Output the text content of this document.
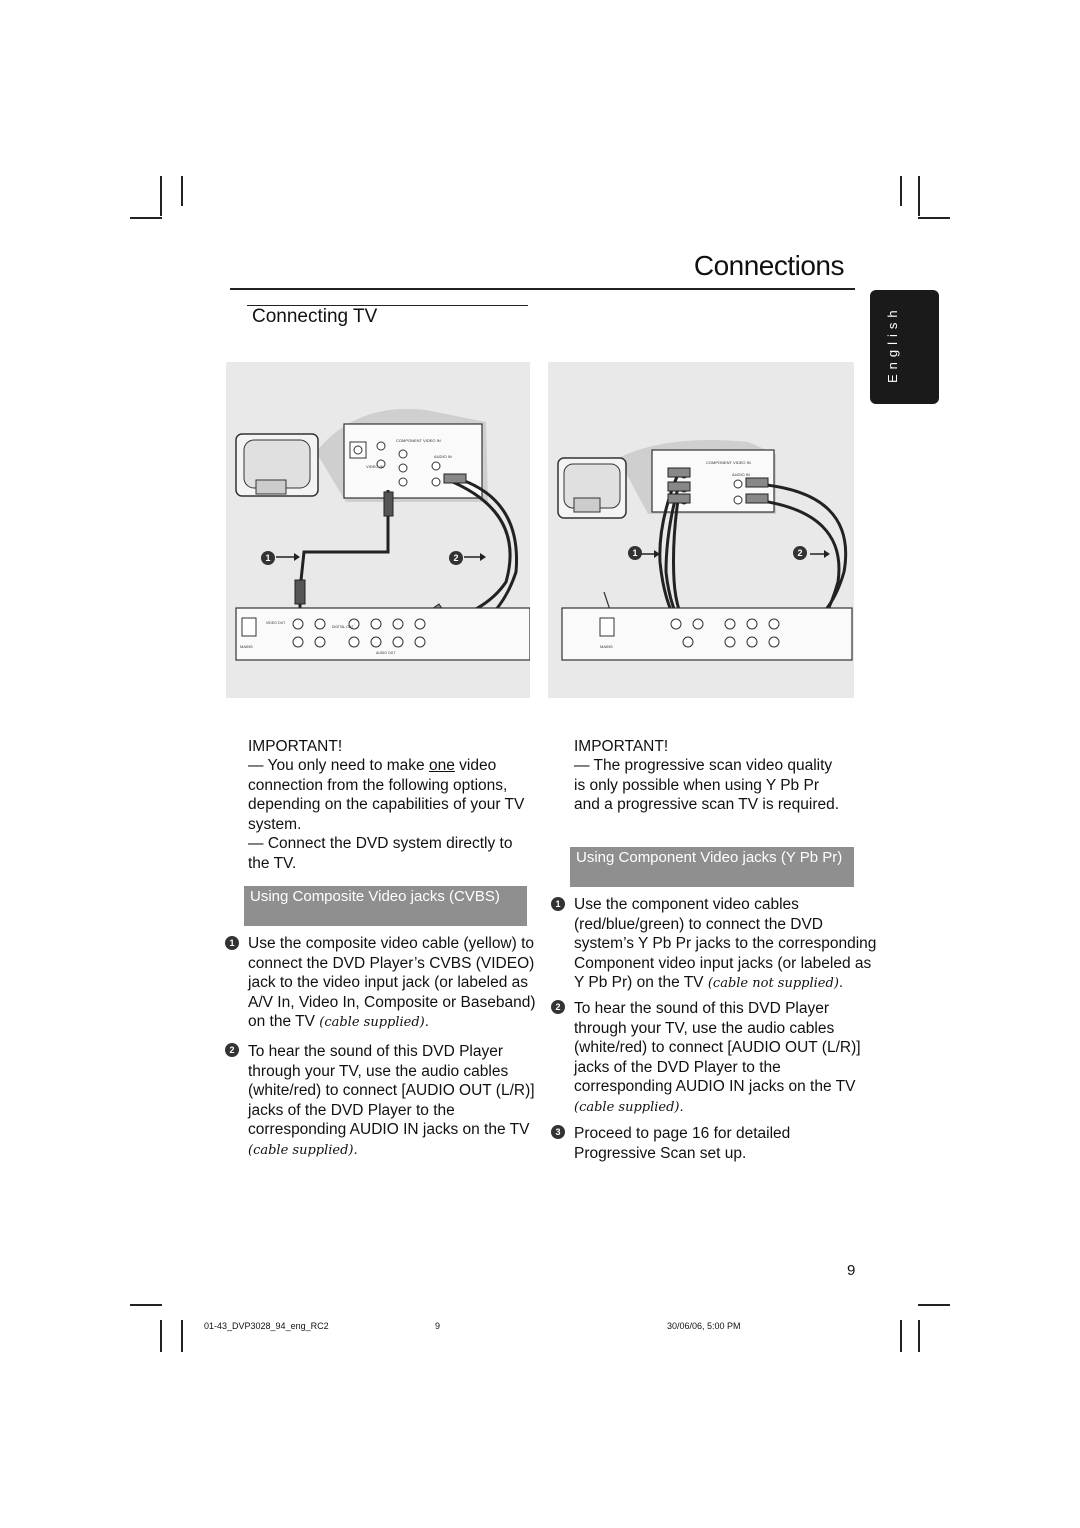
Connections
Connecting TV	English
COMPONENT VIDEO IN
AUDIO IN
VIDEO IN
MAINS
VIDEO OUT
DIGITAL OUT
AUDIO OUT
1	2
COMPONENT VIDEO IN
AUDIO IN
MAINS
1	2
IMPORTANT!
— You only need to make one video connection from the following options, depending on the capabilities of your TV system.
— Connect the DVD system directly to the TV.
Using Composite Video jacks (CVBS)
1 Use the composite video cable (yellow) to connect the DVD Player’s CVBS (VIDEO) jack to the video input jack (or labeled as A/V In, Video In, Composite or Baseband) on the TV (cable supplied).
2 To hear the sound of this DVD Player through your TV, use the audio cables (white/red) to connect [AUDIO OUT (L/R)] jacks of the DVD Player to the corresponding AUDIO IN jacks on the TV (cable supplied).
IMPORTANT!
— The progressive scan video quality is only possible when using Y Pb Pr and a progressive scan TV is required.
Using Component Video jacks (Y Pb Pr)
1 Use the component video cables (red/blue/green) to connect the DVD system’s Y Pb Pr jacks to the corresponding Component video input jacks (or labeled as Y Pb Pr) on the TV (cable not supplied).
2 To hear the sound of this DVD Player through your TV, use the audio cables (white/red) to connect [AUDIO OUT (L/R)] jacks of the DVD Player to the corresponding AUDIO IN jacks on the TV (cable supplied).
3 Proceed to page 16 for detailed Progressive Scan set up.
9
01-43_DVP3028_94_eng_RC2	9	30/06/06, 5:00 PM
